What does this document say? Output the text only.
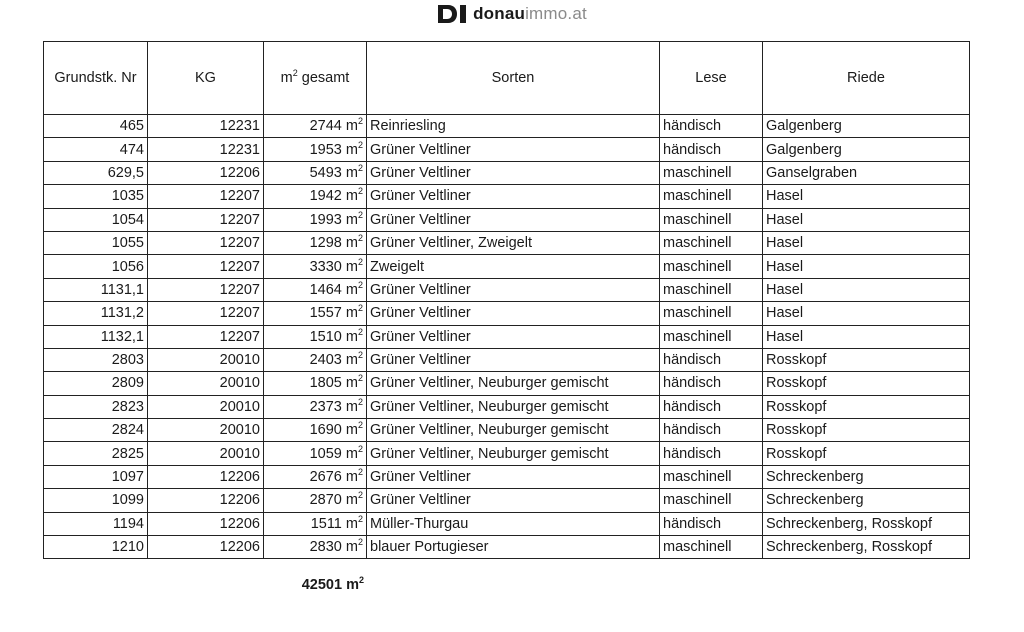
donauimmo.at
Grundstk. Nr	KG	$m^2$ gesamt	Sorten	Lese	Riede
465	12231	2744 $m^2$	Reinriesling	händisch	Galgenberg
474	12231	1953 $m^2$	Grüner Veltliner	händisch	Galgenberg
629,5	12206	5493 $m^2$	Grüner Veltliner	maschinell	Ganselgraben
1035	12207	1942 $m^2$	Grüner Veltliner	maschinell	Hasel
1054	12207	1993 $m^2$	Grüner Veltliner	maschinell	Hasel
1055	12207	1298 $m^2$	Grüner Veltliner, Zweigelt	maschinell	Hasel
1056	12207	3330 $m^2$	Zweigelt	maschinell	Hasel
1131,1	12207	1464 $m^2$	Grüner Veltliner	maschinell	Hasel
1131,2	12207	1557 $m^2$	Grüner Veltliner	maschinell	Hasel
1132,1	12207	1510 $m^2$	Grüner Veltliner	maschinell	Hasel
2803	20010	2403 $m^2$	Grüner Veltliner	händisch	Rosskopf
2809	20010	1805 $m^2$	Grüner Veltliner, Neuburger gemischt	händisch	Rosskopf
2823	20010	2373 $m^2$	Grüner Veltliner, Neuburger gemischt	händisch	Rosskopf
2824	20010	1690 $m^2$	Grüner Veltliner, Neuburger gemischt	händisch	Rosskopf
2825	20010	1059 $m^2$	Grüner Veltliner, Neuburger gemischt	händisch	Rosskopf
1097	12206	2676 $m^2$	Grüner Veltliner	maschinell	Schreckenberg
1099	12206	2870 $m^2$	Grüner Veltliner	maschinell	Schreckenberg
1194	12206	1511 $m^2$	Müller-Thurgau	händisch	Schreckenberg, Rosskopf
1210	12206	2830 $m^2$	blauer Portugieser	maschinell	Schreckenberg, Rosskopf
42501 $m^2$
